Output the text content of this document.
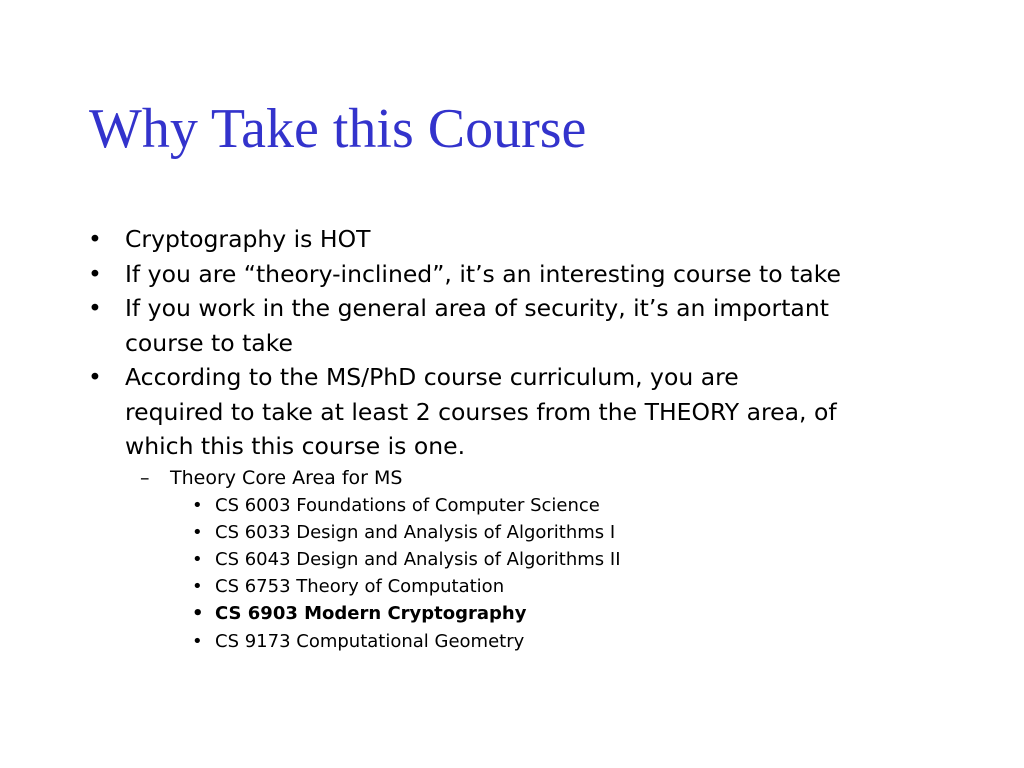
Why Take this Course
• Cryptography is HOT
• If you are “theory-inclined”, it’s an interesting course to take
• If you work in the general area of security, it’s an important
course to take
• According to the MS/PhD course curriculum, you are
required to take at least 2 courses from the THEORY area, of
which this this course is one.
– Theory Core Area for MS
• CS 6003 Foundations of Computer Science
• CS 6033 Design and Analysis of Algorithms I
• CS 6043 Design and Analysis of Algorithms II
• CS 6753 Theory of Computation
• CS 6903 Modern Cryptography
• CS 9173 Computational Geometry
